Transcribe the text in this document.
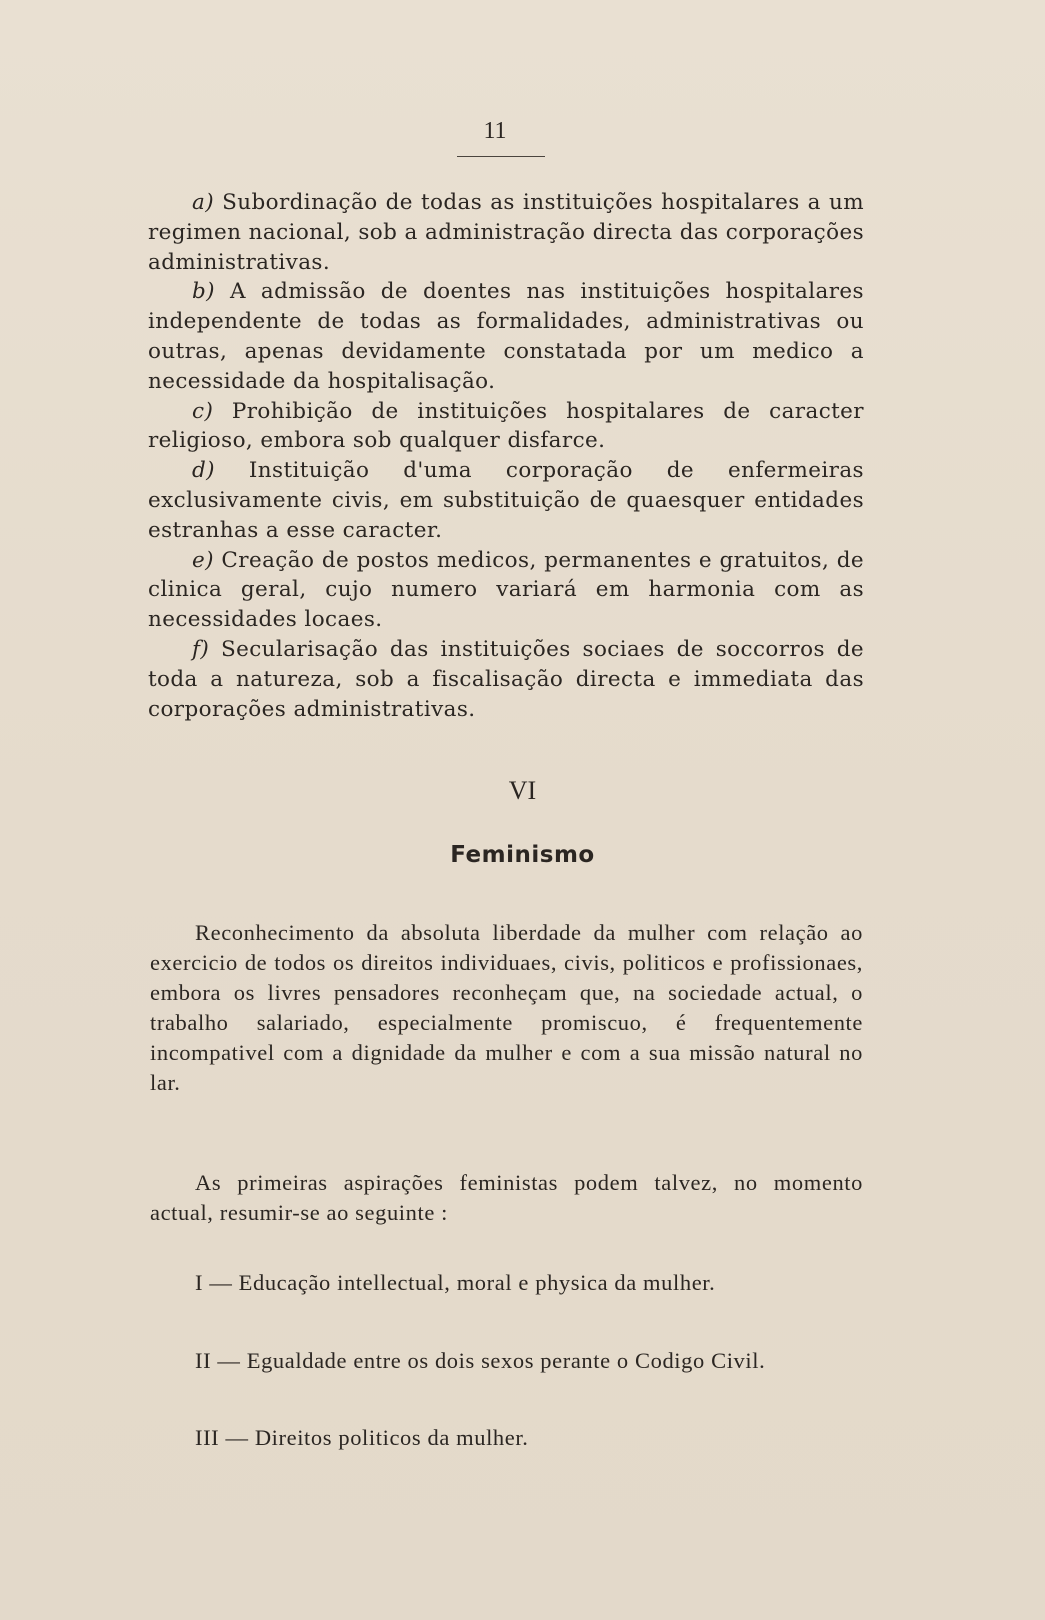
11

a) Subordinação de todas as instituições hospitalares a um regimen nacional, sob a administração directa das corporações administrativas.

b) A admissão de doentes nas instituições hospitalares independente de todas as formalidades, administrativas ou outras, apenas devidamente constatada por um medico a necessidade da hospitalisação.

c) Prohibição de instituições hospitalares de caracter religioso, embora sob qualquer disfarce.

d) Instituição d'uma corporação de enfermeiras exclusivamente civis, em substituição de quaesquer entidades estranhas a esse caracter.

e) Creação de postos medicos, permanentes e gratuitos, de clinica geral, cujo numero variará em harmonia com as necessidades locaes.

f) Secularisação das instituições sociaes de soccorros de toda a natureza, sob a fiscalisação directa e immediata das corporações administrativas.

VI
Feminismo

Reconhecimento da absoluta liberdade da mulher com relação ao exercicio de todos os direitos individuaes, civis, politicos e profissionaes, embora os livres pensadores reconheçam que, na sociedade actual, o trabalho salariado, especialmente promiscuo, é frequentemente incompativel com a dignidade da mulher e com a sua missão natural no lar.

As primeiras aspirações feministas podem talvez, no momento actual, resumir-se ao seguinte :

I — Educação intellectual, moral e physica da mulher.

II — Egualdade entre os dois sexos perante o Codigo Civil.

III — Direitos politicos da mulher.
